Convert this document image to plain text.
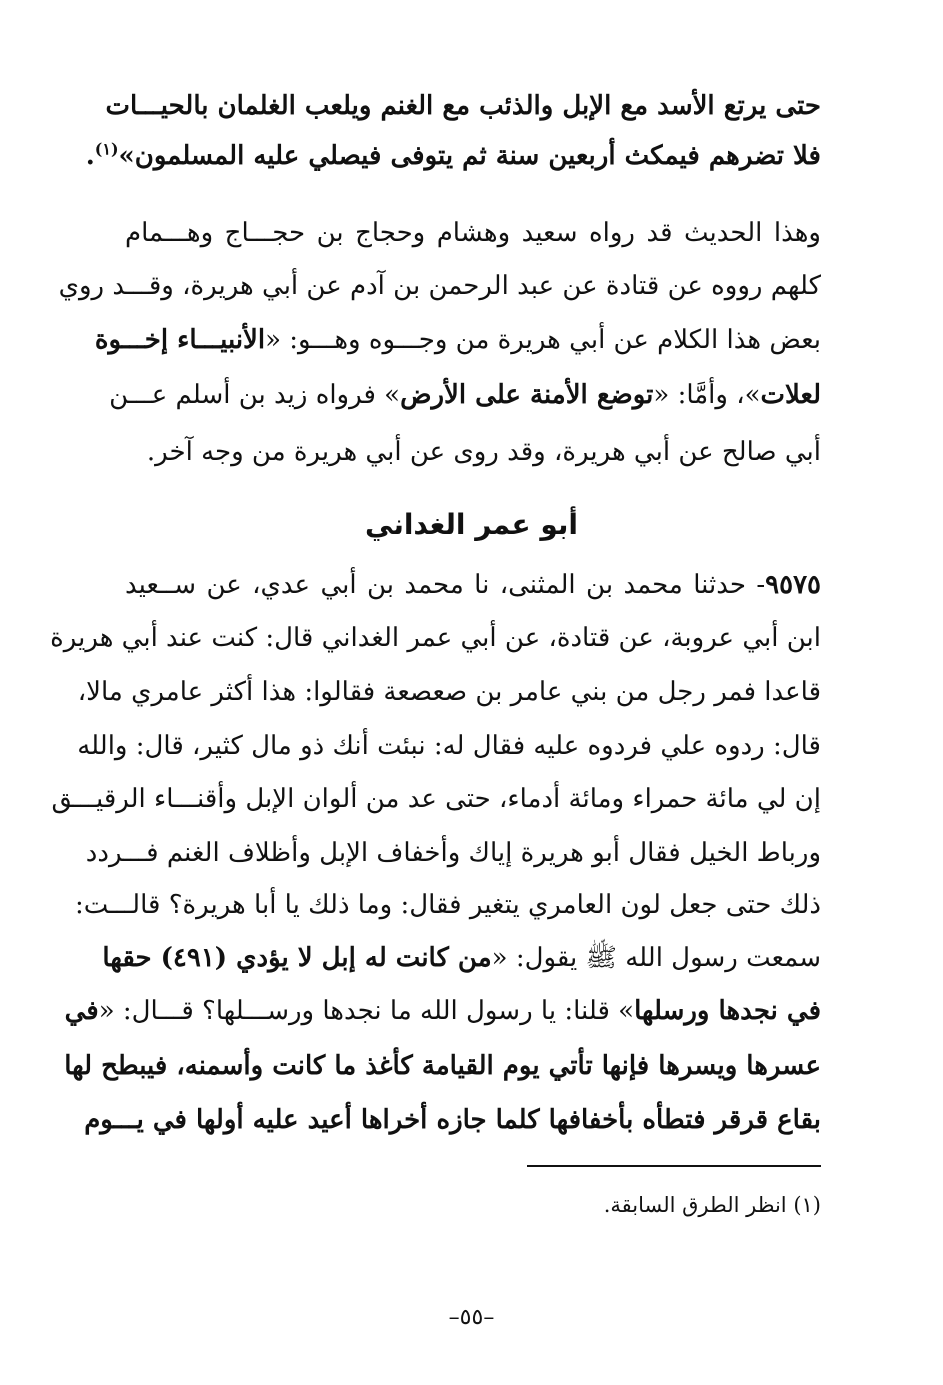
حتى يرتع الأسد مع الإبل والذئب مع الغنم ويلعب الغلمان بالحيـــات
فلا تضرهم فيمكث أربعين سنة ثم يتوفى فيصلي عليه المسلمون»$^{(١)}$.
وهذا الحديث قد رواه سعيد وهشام وحجاج بن حجـــاج وهـــمام
كلهم رووه عن قتادة عن عبد الرحمن بن آدم عن أبي هريرة، وقـــد روي
بعض هذا الكلام عن أبي هريرة من وجـــوه وهـــو: «الأنبيـــاء إخـــوة
لعلات»، وأمَّا: «توضع الأمنة على الأرض» فرواه زيد بن أسلم عـــن
أبي صالح عن أبي هريرة، وقد روى عن أبي هريرة من وجه آخر.
أبو عمر الغداني
٩٥٧٥- حدثنا محمد بن المثنى، نا محمد بن أبي عدي، عن ســعيد
ابن أبي عروبة، عن قتادة، عن أبي عمر الغداني قال: كنت عند أبي هريرة
قاعدا فمر رجل من بني عامر بن صعصعة فقالوا: هذا أكثر عامري مالا،
قال: ردوه علي فردوه عليه فقال له: نبئت أنك ذو مال كثير، قال: والله
إن لي مائة حمراء ومائة أدماء، حتى عد من ألوان الإبل وأقنـــاء الرقيـــق
ورباط الخيل فقال أبو هريرة إياك وأخفاف الإبل وأظلاف الغنم فـــردد
ذلك حتى جعل لون العامري يتغير فقال: وما ذلك يا أبا هريرة؟ قالـــت:
سمعت رسول الله ﷺ يقول: «من كانت له إبل لا يؤدي (٤٩١) حقها
في نجدها ورسلها» قلنا: يا رسول الله ما نجدها ورســـلها؟ قـــال: «في
عسرها ويسرها فإنها تأتي يوم القيامة كأغذ ما كانت وأسمنه، فيبطح لها
بقاع قرقر فتطأه بأخفافها كلما جازه أخراها أعيد عليه أولها في يـــوم
(١) انظر الطرق السابقة.
–٥٥–
